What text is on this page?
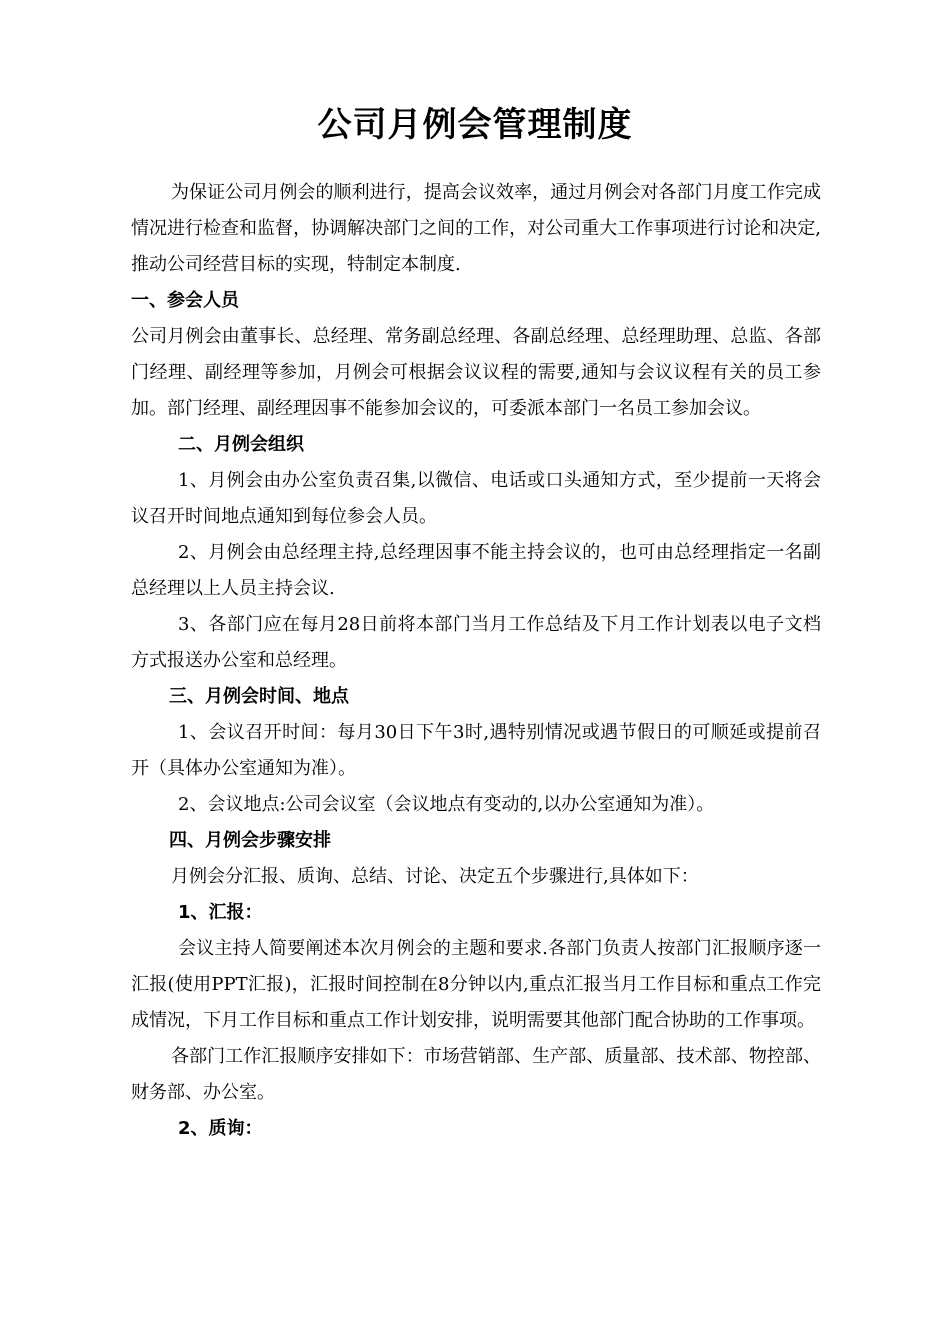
公司月例会管理制度

为保证公司月例会的顺利进行，提高会议效率，通过月例会对各部门月度工作完成情况进行检查和监督，协调解决部门之间的工作，对公司重大工作事项进行讨论和决定,推动公司经营目标的实现，特制定本制度.

一、参会人员

公司月例会由董事长、总经理、常务副总经理、各副总经理、总经理助理、总监、各部门经理、副经理等参加，月例会可根据会议议程的需要,通知与会议议程有关的员工参加。部门经理、副经理因事不能参加会议的，可委派本部门一名员工参加会议。

二、月例会组织

1、月例会由办公室负责召集,以微信、电话或口头通知方式，至少提前一天将会议召开时间地点通知到每位参会人员。

2、月例会由总经理主持,总经理因事不能主持会议的，也可由总经理指定一名副总经理以上人员主持会议.

3、各部门应在每月28日前将本部门当月工作总结及下月工作计划表以电子文档方式报送办公室和总经理。

三、月例会时间、地点

1、会议召开时间：每月30日下午3时,遇特别情况或遇节假日的可顺延或提前召开（具体办公室通知为准）。

2、会议地点:公司会议室（会议地点有变动的,以办公室通知为准）。

四、月例会步骤安排

月例会分汇报、质询、总结、讨论、决定五个步骤进行,具体如下：

1、汇报：

会议主持人简要阐述本次月例会的主题和要求.各部门负责人按部门汇报顺序逐一汇报(使用PPT汇报)，汇报时间控制在8分钟以内,重点汇报当月工作目标和重点工作完成情况，下月工作目标和重点工作计划安排，说明需要其他部门配合协助的工作事项。

各部门工作汇报顺序安排如下：市场营销部、生产部、质量部、技术部、物控部、财务部、办公室。

2、质询：
